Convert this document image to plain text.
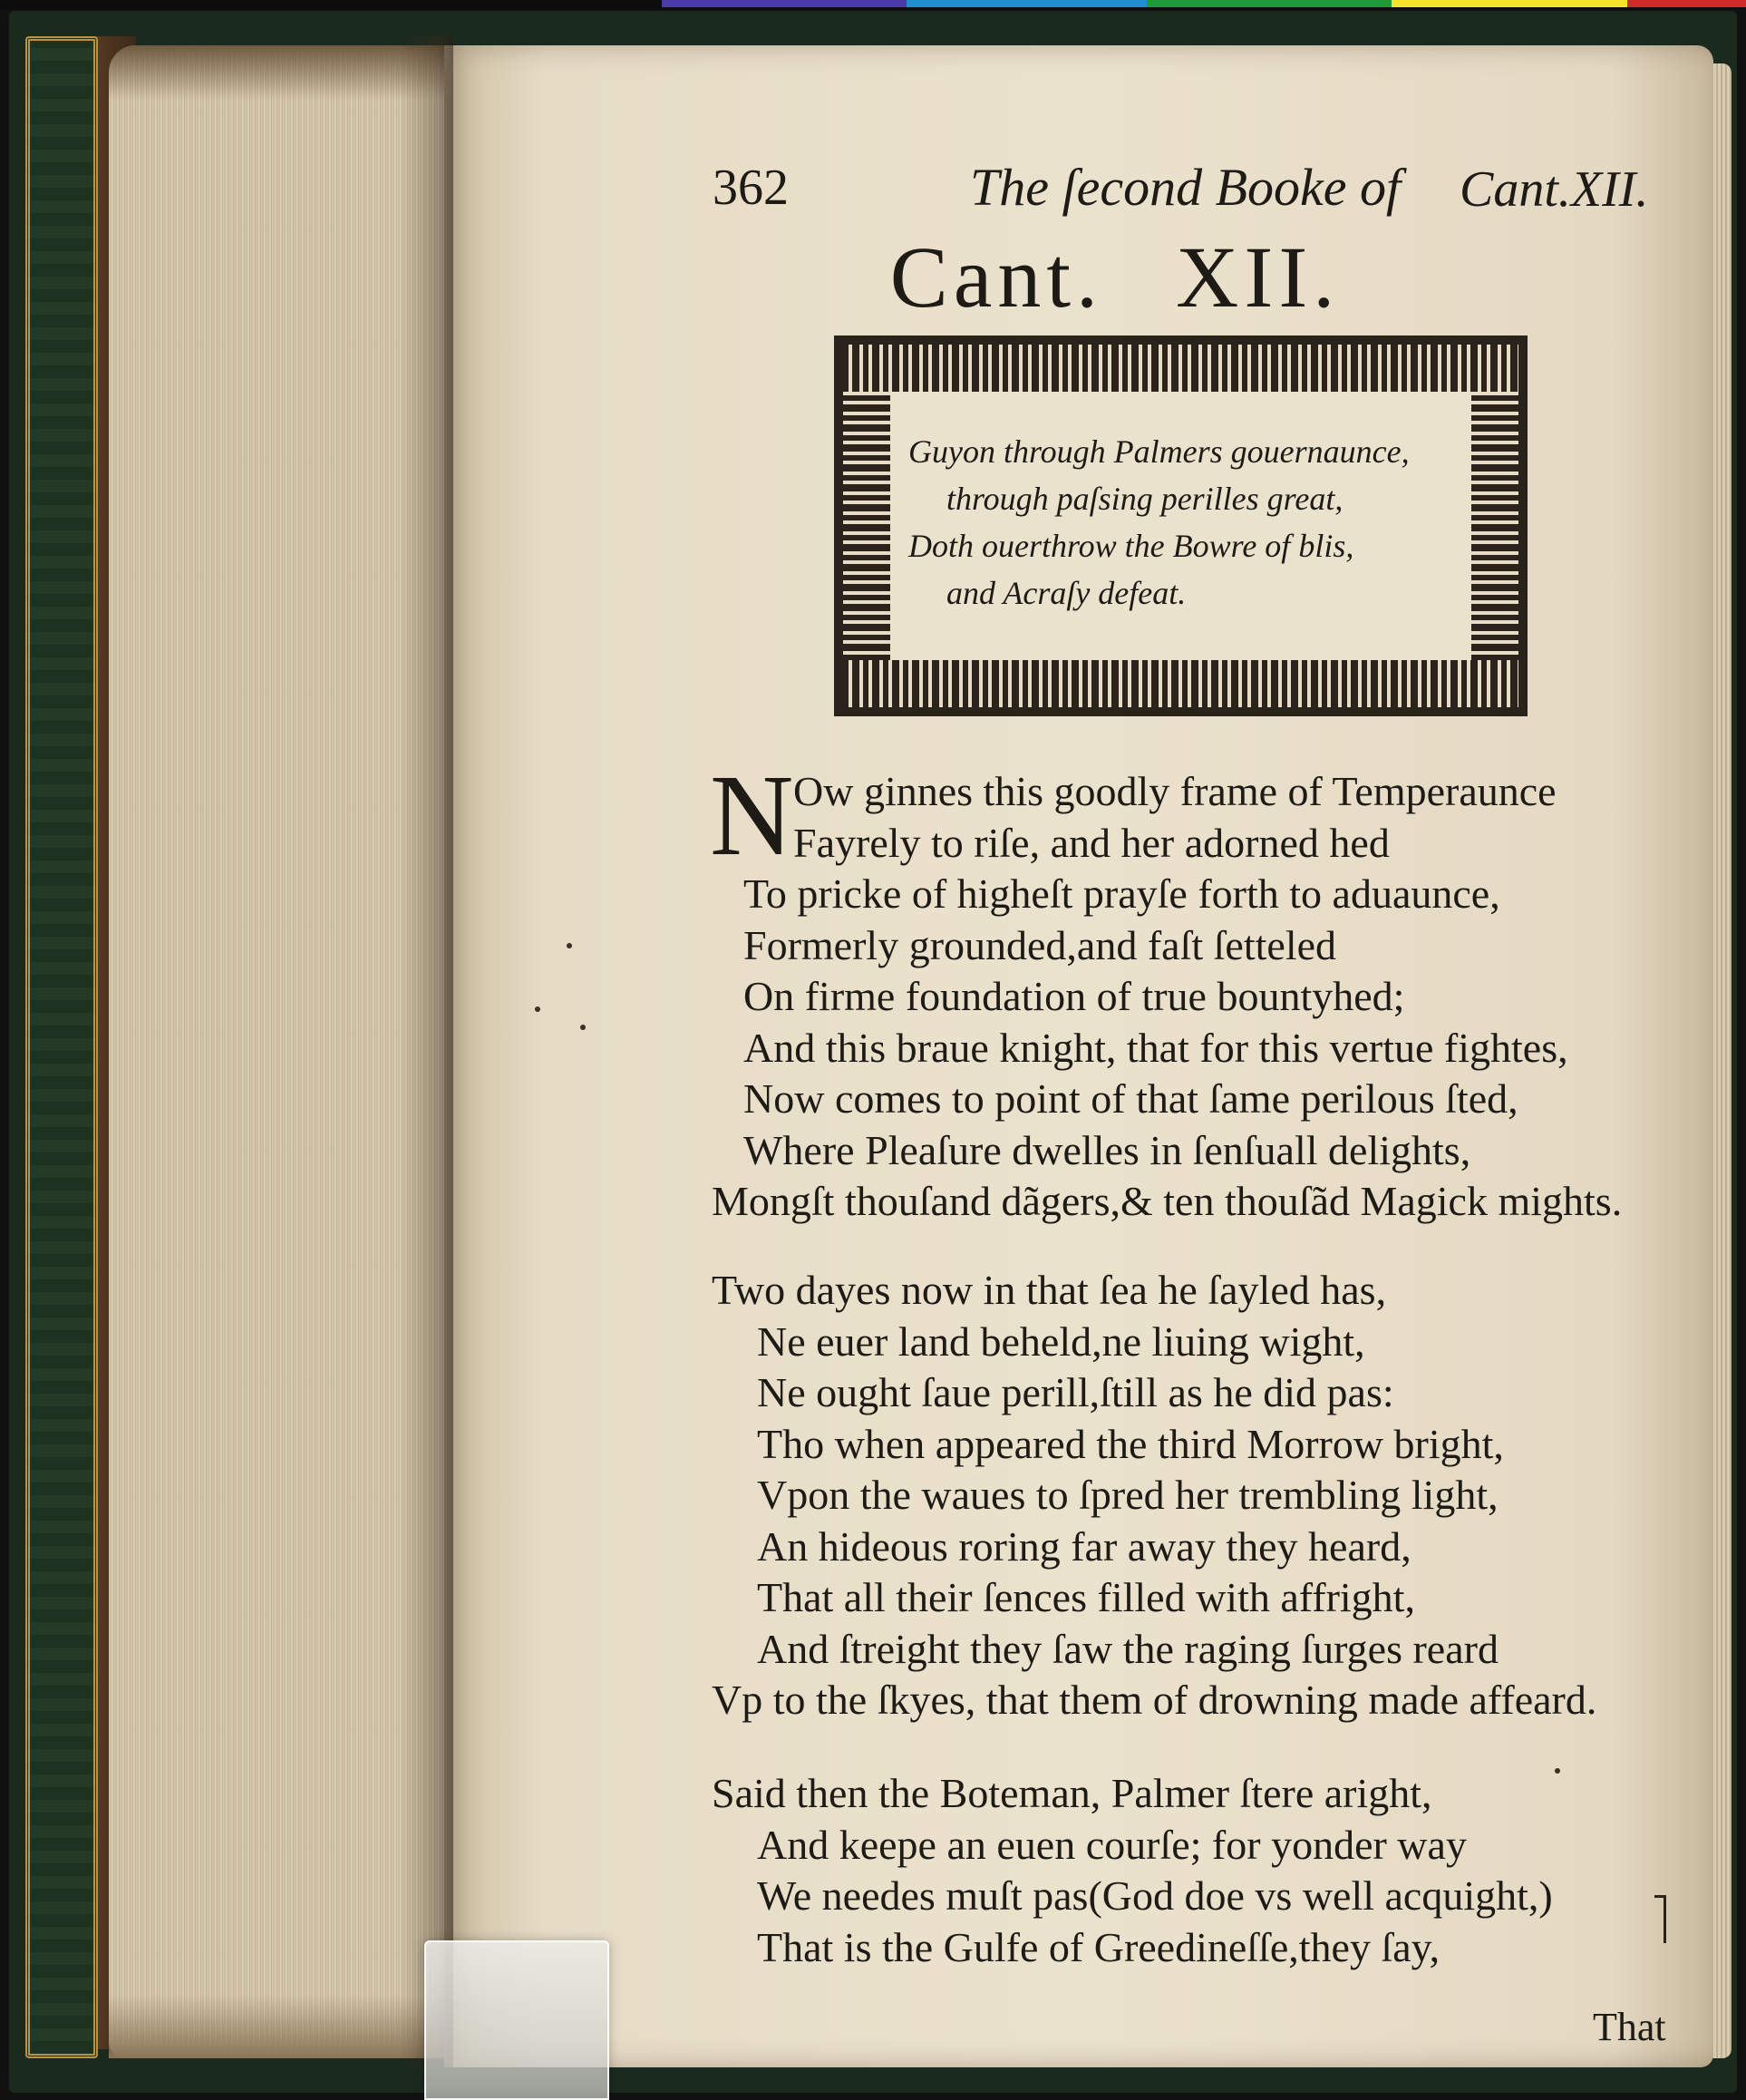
362	The ſecond Booke of Cant.XII.
Cant. XII.
Guyon through Palmers gouernaunce,
through paſsing perilles great,
Doth ouerthrow the Bowre of blis,
and Acraſy defeat.
N Ow ginnes this goodly frame of Temperaunce
Fayrely to riſe, and her adorned hed
To pricke of higheſt prayſe forth to aduaunce,
Formerly grounded,and faſt ſetteled
On firme foundation of true bountyhed;
And this braue knight, that for this vertue fightes,
Now comes to point of that ſame perilous ſted,
Where Pleaſure dwelles in ſenſuall delights,
Mongſt thouſand dãgers,& ten thouſãd Magick mights.
Two dayes now in that ſea he ſayled has,
Ne euer land beheld,ne liuing wight,
Ne ought ſaue perill,ſtill as he did pas:
Tho when appeared the third Morrow bright,
Vpon the waues to ſpred her trembling light,
An hideous roring far away they heard,
That all their ſences filled with affright,
And ſtreight they ſaw the raging ſurges reard
Vp to the ſkyes, that them of drowning made affeard.
Said then the Boteman, Palmer ſtere aright,
And keepe an euen courſe; for yonder way
We needes muſt pas(God doe vs well acquight,)
That is the Gulfe of Greedineſſe,they ſay,
That
